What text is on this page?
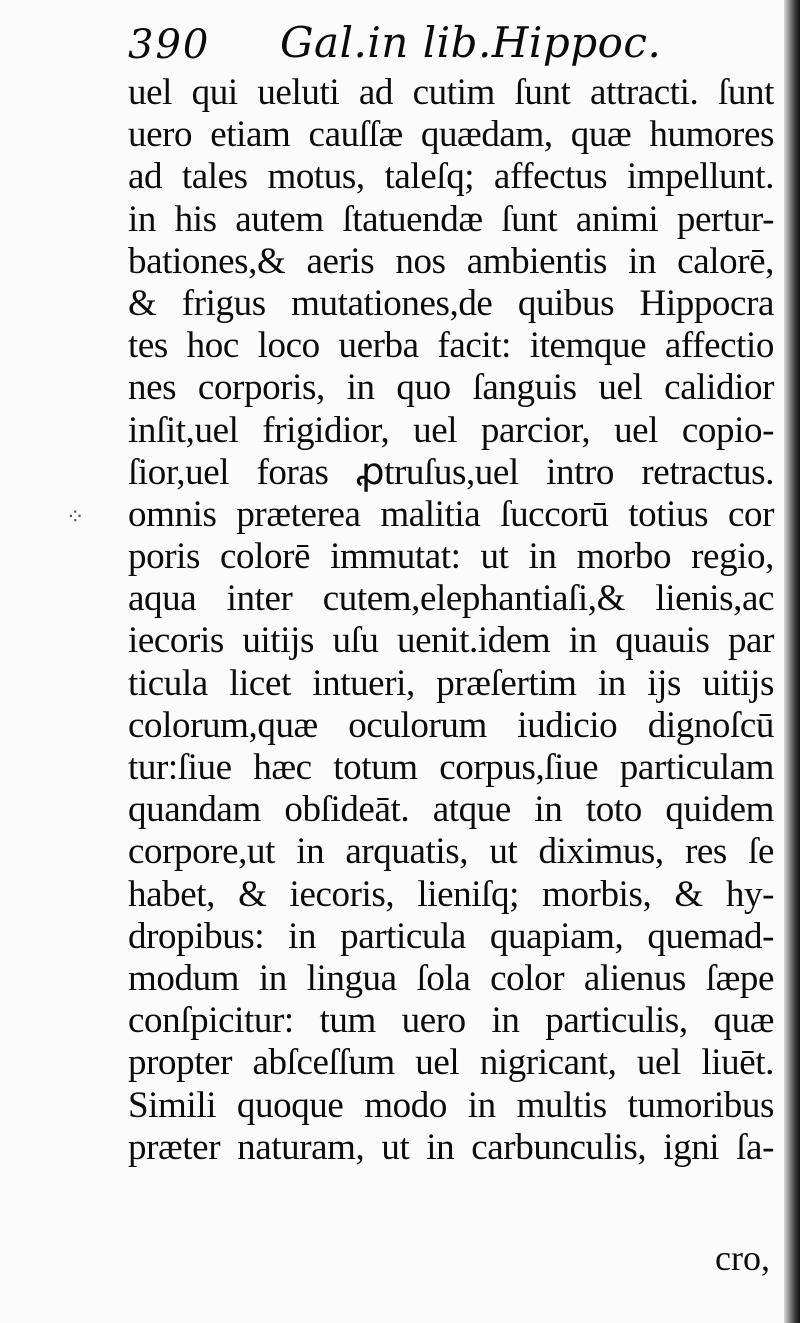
⁘
390 Gal.in lib.Hippoc.
uel qui ueluti ad cutim ſunt attracti. ſunt
uero etiam cauſſæ quædam, quæ humores
ad tales motus, taleſq; affectus impellunt.
in his autem ſtatuendæ ſunt animi pertur-
bationes,& aeris nos ambientis in calorē,
& frigus mutationes,de quibus Hippocra
tes hoc loco uerba facit: itemque affectio
nes corporis, in quo ſanguis uel calidior
inſit,uel frigidior, uel parcior, uel copio-
ſior,uel foras ꝓtruſus,uel intro retractus.
omnis præterea malitia ſuccorū totius cor
poris colorē immutat: ut in morbo regio,
aqua inter cutem,elephantiaſi,& lienis,ac
iecoris uitijs uſu uenit.idem in quauis par
ticula licet intueri, præſertim in ijs uitijs
colorum,quæ oculorum iudicio dignoſcū
tur:ſiue hæc totum corpus,ſiue particulam
quandam obſideāt. atque in toto quidem
corpore,ut in arquatis, ut diximus, res ſe
habet, & iecoris, lieniſq; morbis, & hy-
dropibus: in particula quapiam, quemad-
modum in lingua ſola color alienus ſæpe
conſpicitur: tum uero in particulis, quæ
propter abſceſſum uel nigricant, uel liuēt.
Simili quoque modo in multis tumoribus
præter naturam, ut in carbunculis, igni ſa-
cro,
